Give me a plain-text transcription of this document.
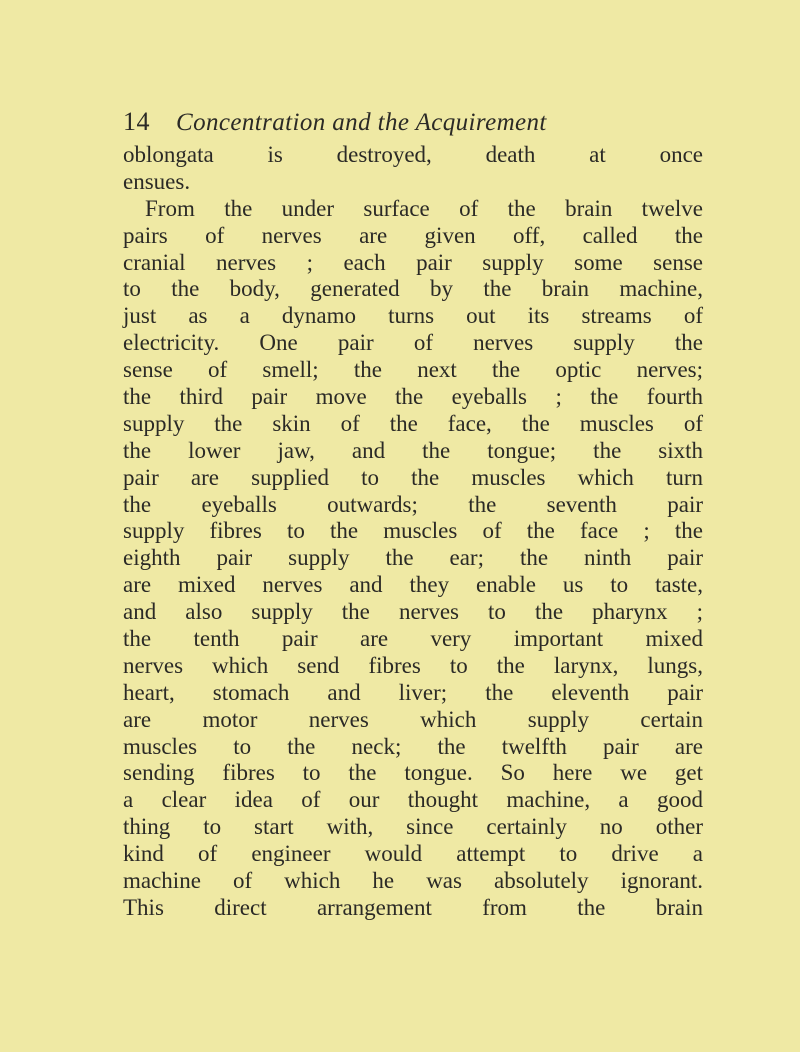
14 Concentration and the Acquirement
oblongata is destroyed, death at once
ensues.
From the under surface of the brain twelve
pairs of nerves are given off, called the
cranial nerves ; each pair supply some sense
to the body, generated by the brain machine,
just as a dynamo turns out its streams of
electricity. One pair of nerves supply the
sense of smell; the next the optic nerves;
the third pair move the eyeballs ; the fourth
supply the skin of the face, the muscles of
the lower jaw, and the tongue; the sixth
pair are supplied to the muscles which turn
the eyeballs outwards; the seventh pair
supply fibres to the muscles of the face ; the
eighth pair supply the ear; the ninth pair
are mixed nerves and they enable us to taste,
and also supply the nerves to the pharynx ;
the tenth pair are very important mixed
nerves which send fibres to the larynx, lungs,
heart, stomach and liver; the eleventh pair
are motor nerves which supply certain
muscles to the neck; the twelfth pair are
sending fibres to the tongue. So here we get
a clear idea of our thought machine, a good
thing to start with, since certainly no other
kind of engineer would attempt to drive a
machine of which he was absolutely ignorant.
This direct arrangement from the brain
